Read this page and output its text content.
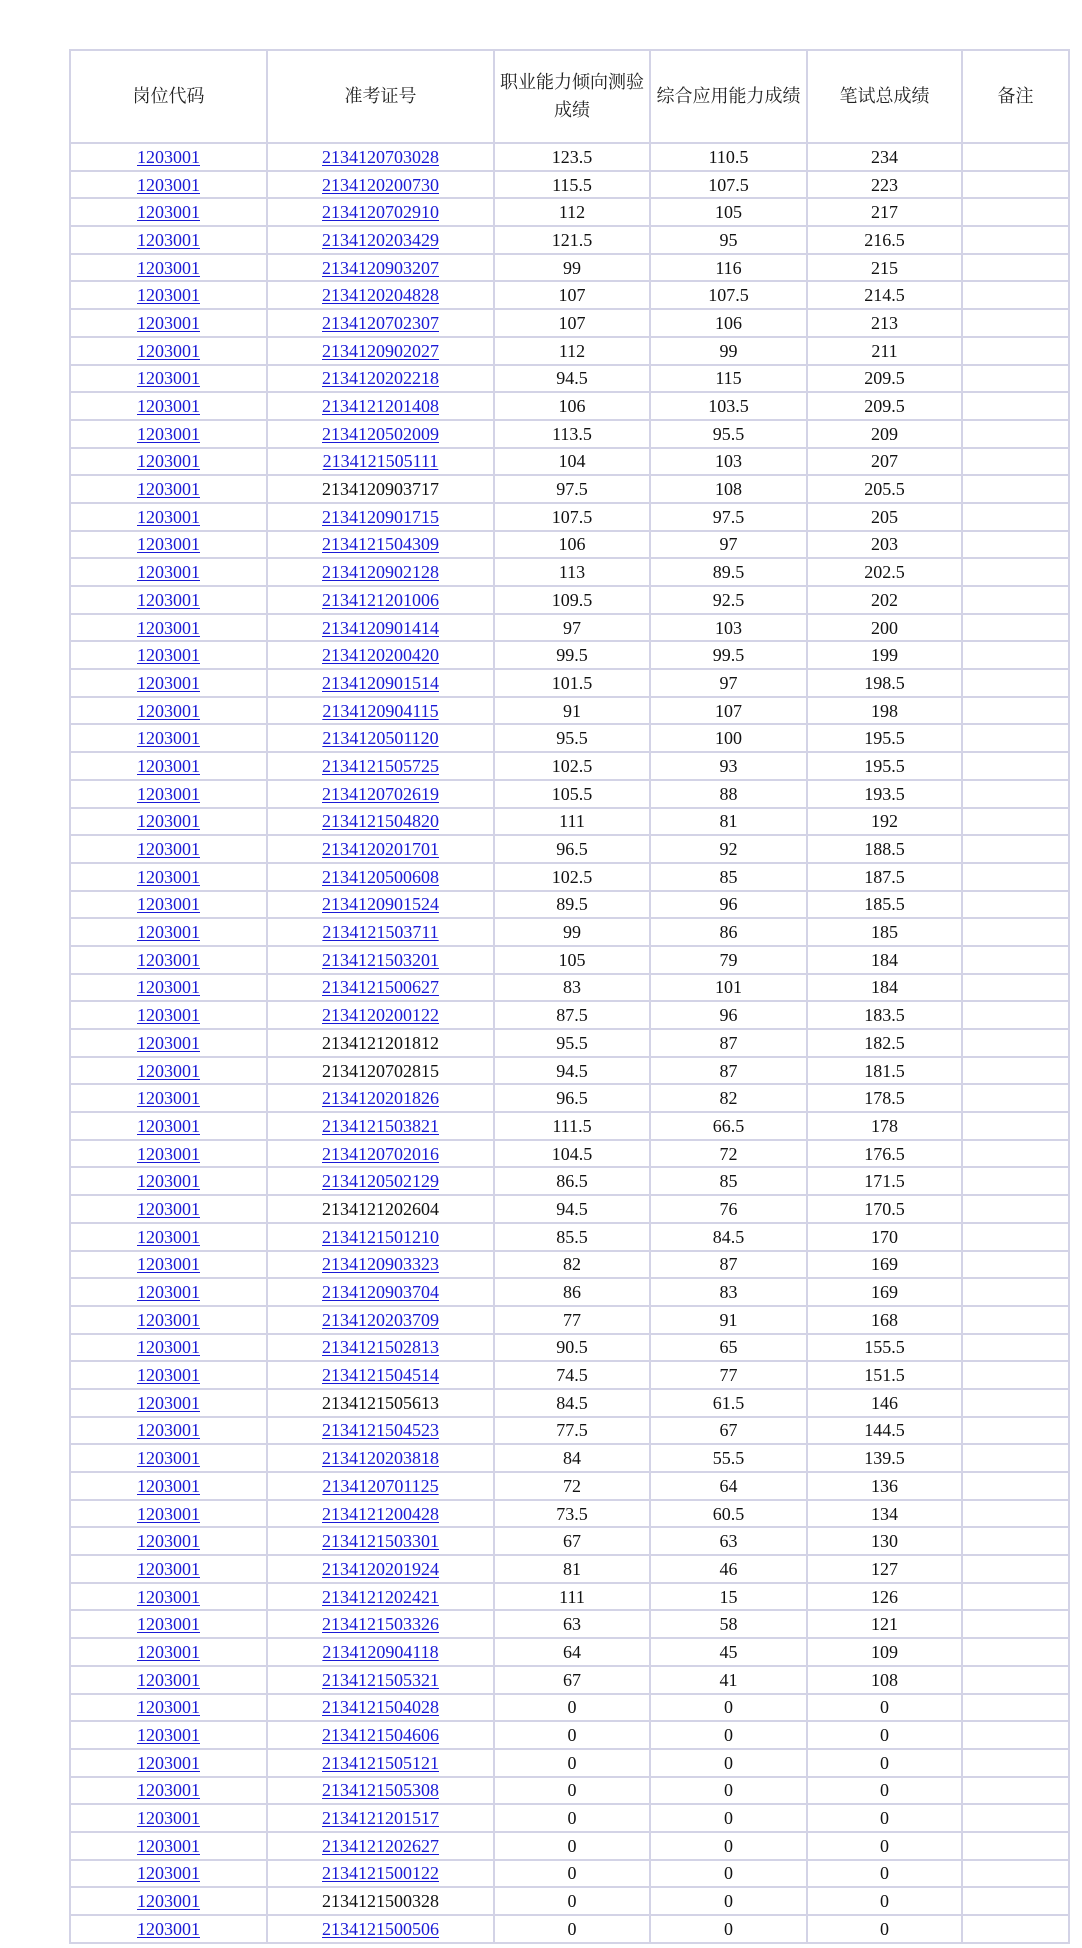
岗位代码	准考证号	职业能力倾向测验成绩	综合应用能力成绩	笔试总成绩	备注
1203001	2134120703028	123.5	110.5	234	
1203001	2134120200730	115.5	107.5	223	
1203001	2134120702910	112	105	217	
1203001	2134120203429	121.5	95	216.5	
1203001	2134120903207	99	116	215	
1203001	2134120204828	107	107.5	214.5	
1203001	2134120702307	107	106	213	
1203001	2134120902027	112	99	211	
1203001	2134120202218	94.5	115	209.5	
1203001	2134121201408	106	103.5	209.5	
1203001	2134120502009	113.5	95.5	209	
1203001	2134121505111	104	103	207	
1203001	2134120903717	97.5	108	205.5	
1203001	2134120901715	107.5	97.5	205	
1203001	2134121504309	106	97	203	
1203001	2134120902128	113	89.5	202.5	
1203001	2134121201006	109.5	92.5	202	
1203001	2134120901414	97	103	200	
1203001	2134120200420	99.5	99.5	199	
1203001	2134120901514	101.5	97	198.5	
1203001	2134120904115	91	107	198	
1203001	2134120501120	95.5	100	195.5	
1203001	2134121505725	102.5	93	195.5	
1203001	2134120702619	105.5	88	193.5	
1203001	2134121504820	111	81	192	
1203001	2134120201701	96.5	92	188.5	
1203001	2134120500608	102.5	85	187.5	
1203001	2134120901524	89.5	96	185.5	
1203001	2134121503711	99	86	185	
1203001	2134121503201	105	79	184	
1203001	2134121500627	83	101	184	
1203001	2134120200122	87.5	96	183.5	
1203001	2134121201812	95.5	87	182.5	
1203001	2134120702815	94.5	87	181.5	
1203001	2134120201826	96.5	82	178.5	
1203001	2134121503821	111.5	66.5	178	
1203001	2134120702016	104.5	72	176.5	
1203001	2134120502129	86.5	85	171.5	
1203001	2134121202604	94.5	76	170.5	
1203001	2134121501210	85.5	84.5	170	
1203001	2134120903323	82	87	169	
1203001	2134120903704	86	83	169	
1203001	2134120203709	77	91	168	
1203001	2134121502813	90.5	65	155.5	
1203001	2134121504514	74.5	77	151.5	
1203001	2134121505613	84.5	61.5	146	
1203001	2134121504523	77.5	67	144.5	
1203001	2134120203818	84	55.5	139.5	
1203001	2134120701125	72	64	136	
1203001	2134121200428	73.5	60.5	134	
1203001	2134121503301	67	63	130	
1203001	2134120201924	81	46	127	
1203001	2134121202421	111	15	126	
1203001	2134121503326	63	58	121	
1203001	2134120904118	64	45	109	
1203001	2134121505321	67	41	108	
1203001	2134121504028	0	0	0	
1203001	2134121504606	0	0	0	
1203001	2134121505121	0	0	0	
1203001	2134121505308	0	0	0	
1203001	2134121201517	0	0	0	
1203001	2134121202627	0	0	0	
1203001	2134121500122	0	0	0	
1203001	2134121500328	0	0	0	
1203001	2134121500506	0	0	0	
